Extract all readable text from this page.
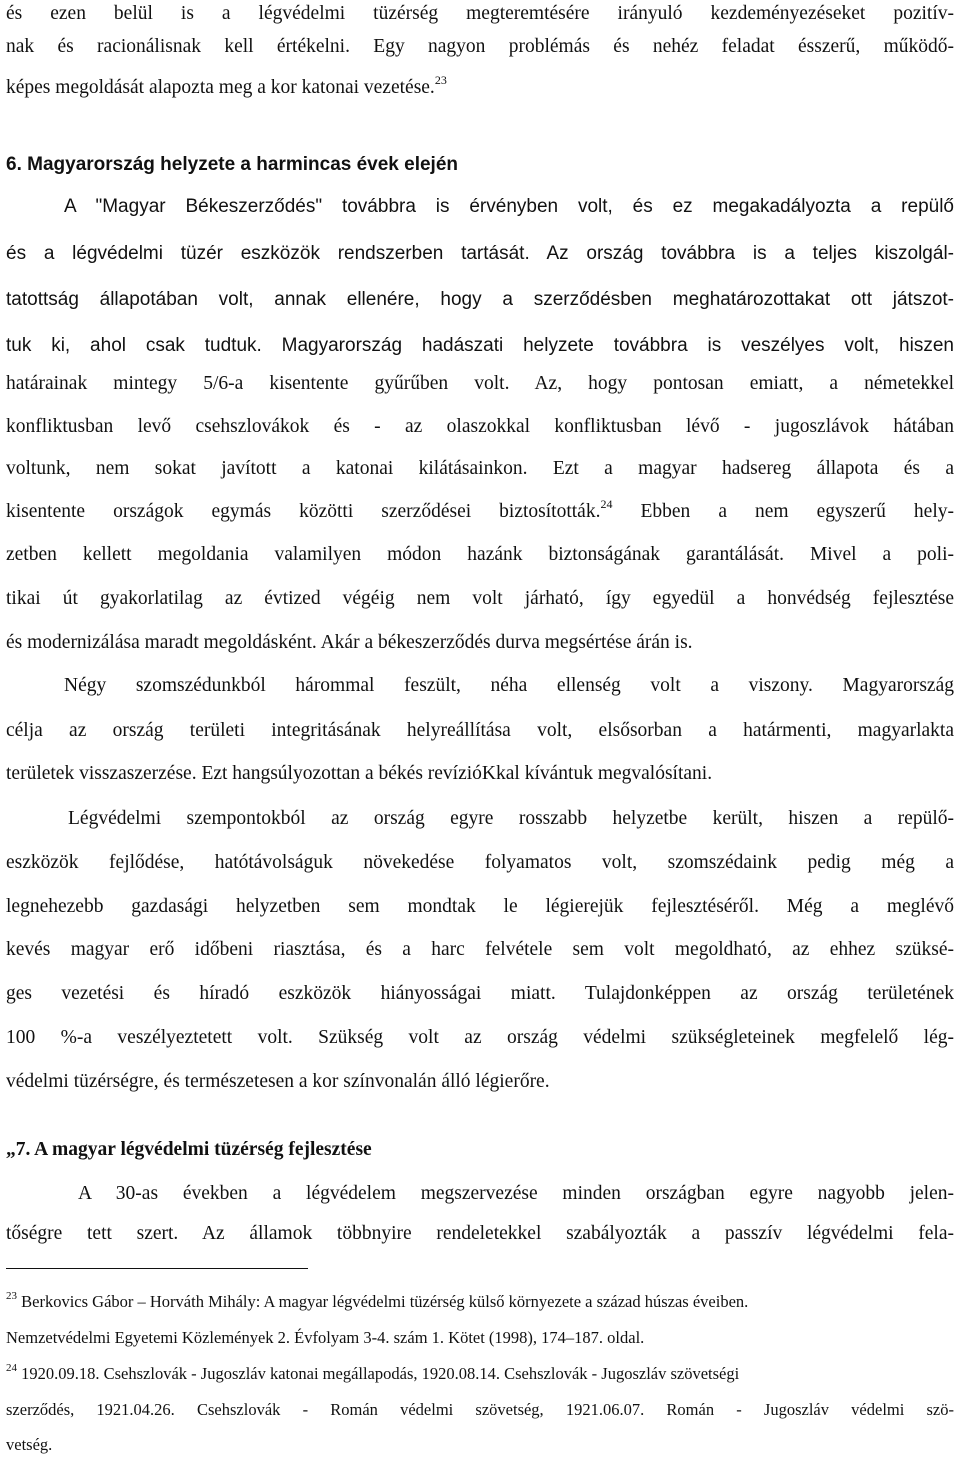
és ezen belül is a légvédelmi tüzérség megteremtésére irányuló kezdeményezéseket pozitív-
nak és racionálisnak kell értékelni. Egy nagyon problémás és nehéz feladat ésszerű, működő-
képes megoldását alapozta meg a kor katonai vezetése.$^{23}$
6. Magyarország helyzete a harmincas évek elején
A "Magyar Békeszerződés" továbbra is érvényben volt, és ez megakadályozta a repülő
és a légvédelmi tüzér eszközök rendszerben tartását. Az ország továbbra is a teljes kiszolgál-
tatottság állapotában volt, annak ellenére, hogy a szerződésben meghatározottakat ott játszot-
tuk ki, ahol csak tudtuk. Magyarország hadászati helyzete továbbra is veszélyes volt, hiszen
határainak mintegy 5/6-a kisentente gyűrűben volt. Az, hogy pontosan emiatt, a németekkel
konfliktusban levő csehszlovákok és - az olaszokkal konfliktusban lévő - jugoszlávok hátában
voltunk, nem sokat javított a katonai kilátásainkon. Ezt a magyar hadsereg állapota és a
kisentente országok egymás közötti szerződései biztosították.$^{24}$ Ebben a nem egyszerű hely-
zetben kellett megoldania valamilyen módon hazánk biztonságának garantálását. Mivel a poli-
tikai út gyakorlatilag az évtized végéig nem volt járható, így egyedül a honvédség fejlesztése
és modernizálása maradt megoldásként. Akár a békeszerződés durva megsértése árán is.
Négy szomszédunkból hárommal feszült, néha ellenség volt a viszony. Magyarország
célja az ország területi integritásának helyreállítása volt, elsősorban a határmenti, magyarlakta
területek visszaszerzése. Ezt hangsúlyozottan a békés revízióKkal kívántuk megvalósítani.
Légvédelmi szempontokból az ország egyre rosszabb helyzetbe került, hiszen a repülő-
eszközök fejlődése, hatótávolságuk növekedése folyamatos volt, szomszédaink pedig még a
legnehezebb gazdasági helyzetben sem mondtak le légierejük fejlesztéséről. Még a meglévő
kevés magyar erő időbeni riasztása, és a harc felvétele sem volt megoldható, az ehhez szüksé-
ges vezetési és híradó eszközök hiányosságai miatt. Tulajdonképpen az ország területének
100 %-a veszélyeztetett volt. Szükség volt az ország védelmi szükségleteinek megfelelő lég-
védelmi tüzérségre, és természetesen a kor színvonalán álló légierőre.
„7. A magyar légvédelmi tüzérség fejlesztése
A 30-as években a légvédelem megszervezése minden országban egyre nagyobb jelen-
tőségre tett szert. Az államok többnyire rendeletekkel szabályozták a passzív légvédelmi fela-
$^{23}$ Berkovics Gábor – Horváth Mihály: A magyar légvédelmi tüzérség külső környezete a század húszas éveiben.
Nemzetvédelmi Egyetemi Közlemények 2. Évfolyam 3-4. szám 1. Kötet (1998), 174–187. oldal.
$^{24}$ 1920.09.18. Csehszlovák - Jugoszláv katonai megállapodás, 1920.08.14. Csehszlovák - Jugoszláv szövetségi
szerződés, 1921.04.26. Csehszlovák - Román védelmi szövetség, 1921.06.07. Román - Jugoszláv védelmi szö-
vetség.
